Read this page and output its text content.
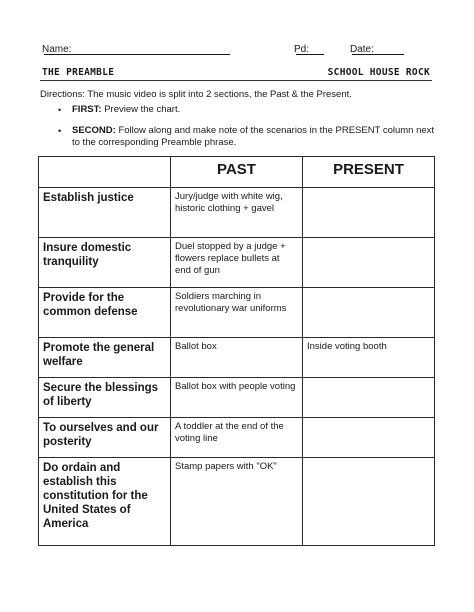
Name:	Pd:	Date:
THE PREAMBLE	SCHOOL HOUSE ROCK
Directions: The music video is split into 2 sections, the Past & the Present.
• FIRST: Preview the chart.
• SECOND: Follow along and make note of the scenarios in the PRESENT column next to the corresponding Preamble phrase.
	PAST	PRESENT
Establish justice	Jury/judge with white wig, historic clothing + gavel	
Insure domestic tranquility	Duel stopped by a judge + flowers replace bullets at end of gun	
Provide for the common defense	Soldiers marching in revolutionary war uniforms	
Promote the general welfare	Ballot box	Inside voting booth
Secure the blessings of liberty	Ballot box with people voting	
To ourselves and our posterity	A toddler at the end of the voting line	
Do ordain and establish this constitution for the United States of America	Stamp papers with "OK"	
